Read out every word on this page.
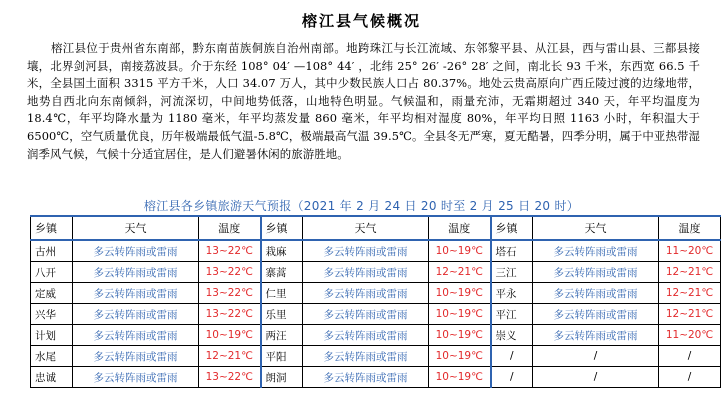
榕江县气候概况

榕江县位于贵州省东南部，黔东南苗族侗族自治州南部。地跨珠江与长江流域、东邻黎平县、从江县，西与雷山县、三都县接壤，北界剑河县，南接荔波县。介于东经 108° 04′ —108° 44′ ，北纬 25° 26′ -26° 28′ 之间，南北长 93 千米，东西宽 66.5 千米，全县国土面积 3315 平方千米，人口 34.07 万人，其中少数民族人口占 80.37%。地处云贵高原向广西丘陵过渡的边缘地带，地势自西北向东南倾斜，河流深切，中间地势低落，山地特色明显。气候温和，雨量充沛，无霜期超过 340 天，年平均温度为 18.4℃，年平均降水量为 1180 毫米，年平均蒸发量 860 毫米，年平均相对湿度 80%，年平均日照 1163 小时，年积温大于 6500℃，空气质量优良，历年极端最低气温-5.8℃，极端最高气温 39.5℃。全县冬无严寒，夏无酷暑，四季分明，属于中亚热带湿润季风气候，气候十分适宜居住，是人们避暑休闲的旅游胜地。

榕江县各乡镇旅游天气预报（2021 年 2 月 24 日 20 时至 2 月 25 日 20 时）
乡镇	天气	温度	乡镇	天气	温度	乡镇	天气	温度
古州	多云转阵雨或雷雨	13~22℃	栽麻	多云转阵雨或雷雨	10~19℃	塔石	多云转阵雨或雷雨	11~20℃
八开	多云转阵雨或雷雨	13~22℃	寨蒿	多云转阵雨或雷雨	12~21℃	三江	多云转阵雨或雷雨	12~21℃
定威	多云转阵雨或雷雨	13~22℃	仁里	多云转阵雨或雷雨	10~19℃	平永	多云转阵雨或雷雨	12~21℃
兴华	多云转阵雨或雷雨	13~22℃	乐里	多云转阵雨或雷雨	10~19℃	平江	多云转阵雨或雷雨	12~21℃
计划	多云转阵雨或雷雨	10~19℃	两汪	多云转阵雨或雷雨	10~19℃	崇义	多云转阵雨或雷雨	11~20℃
水尾	多云转阵雨或雷雨	12~21℃	平阳	多云转阵雨或雷雨	10~19℃	/	/	/
忠诚	多云转阵雨或雷雨	13~22℃	朗洞	多云转阵雨或雷雨	10~19℃	/	/	/
